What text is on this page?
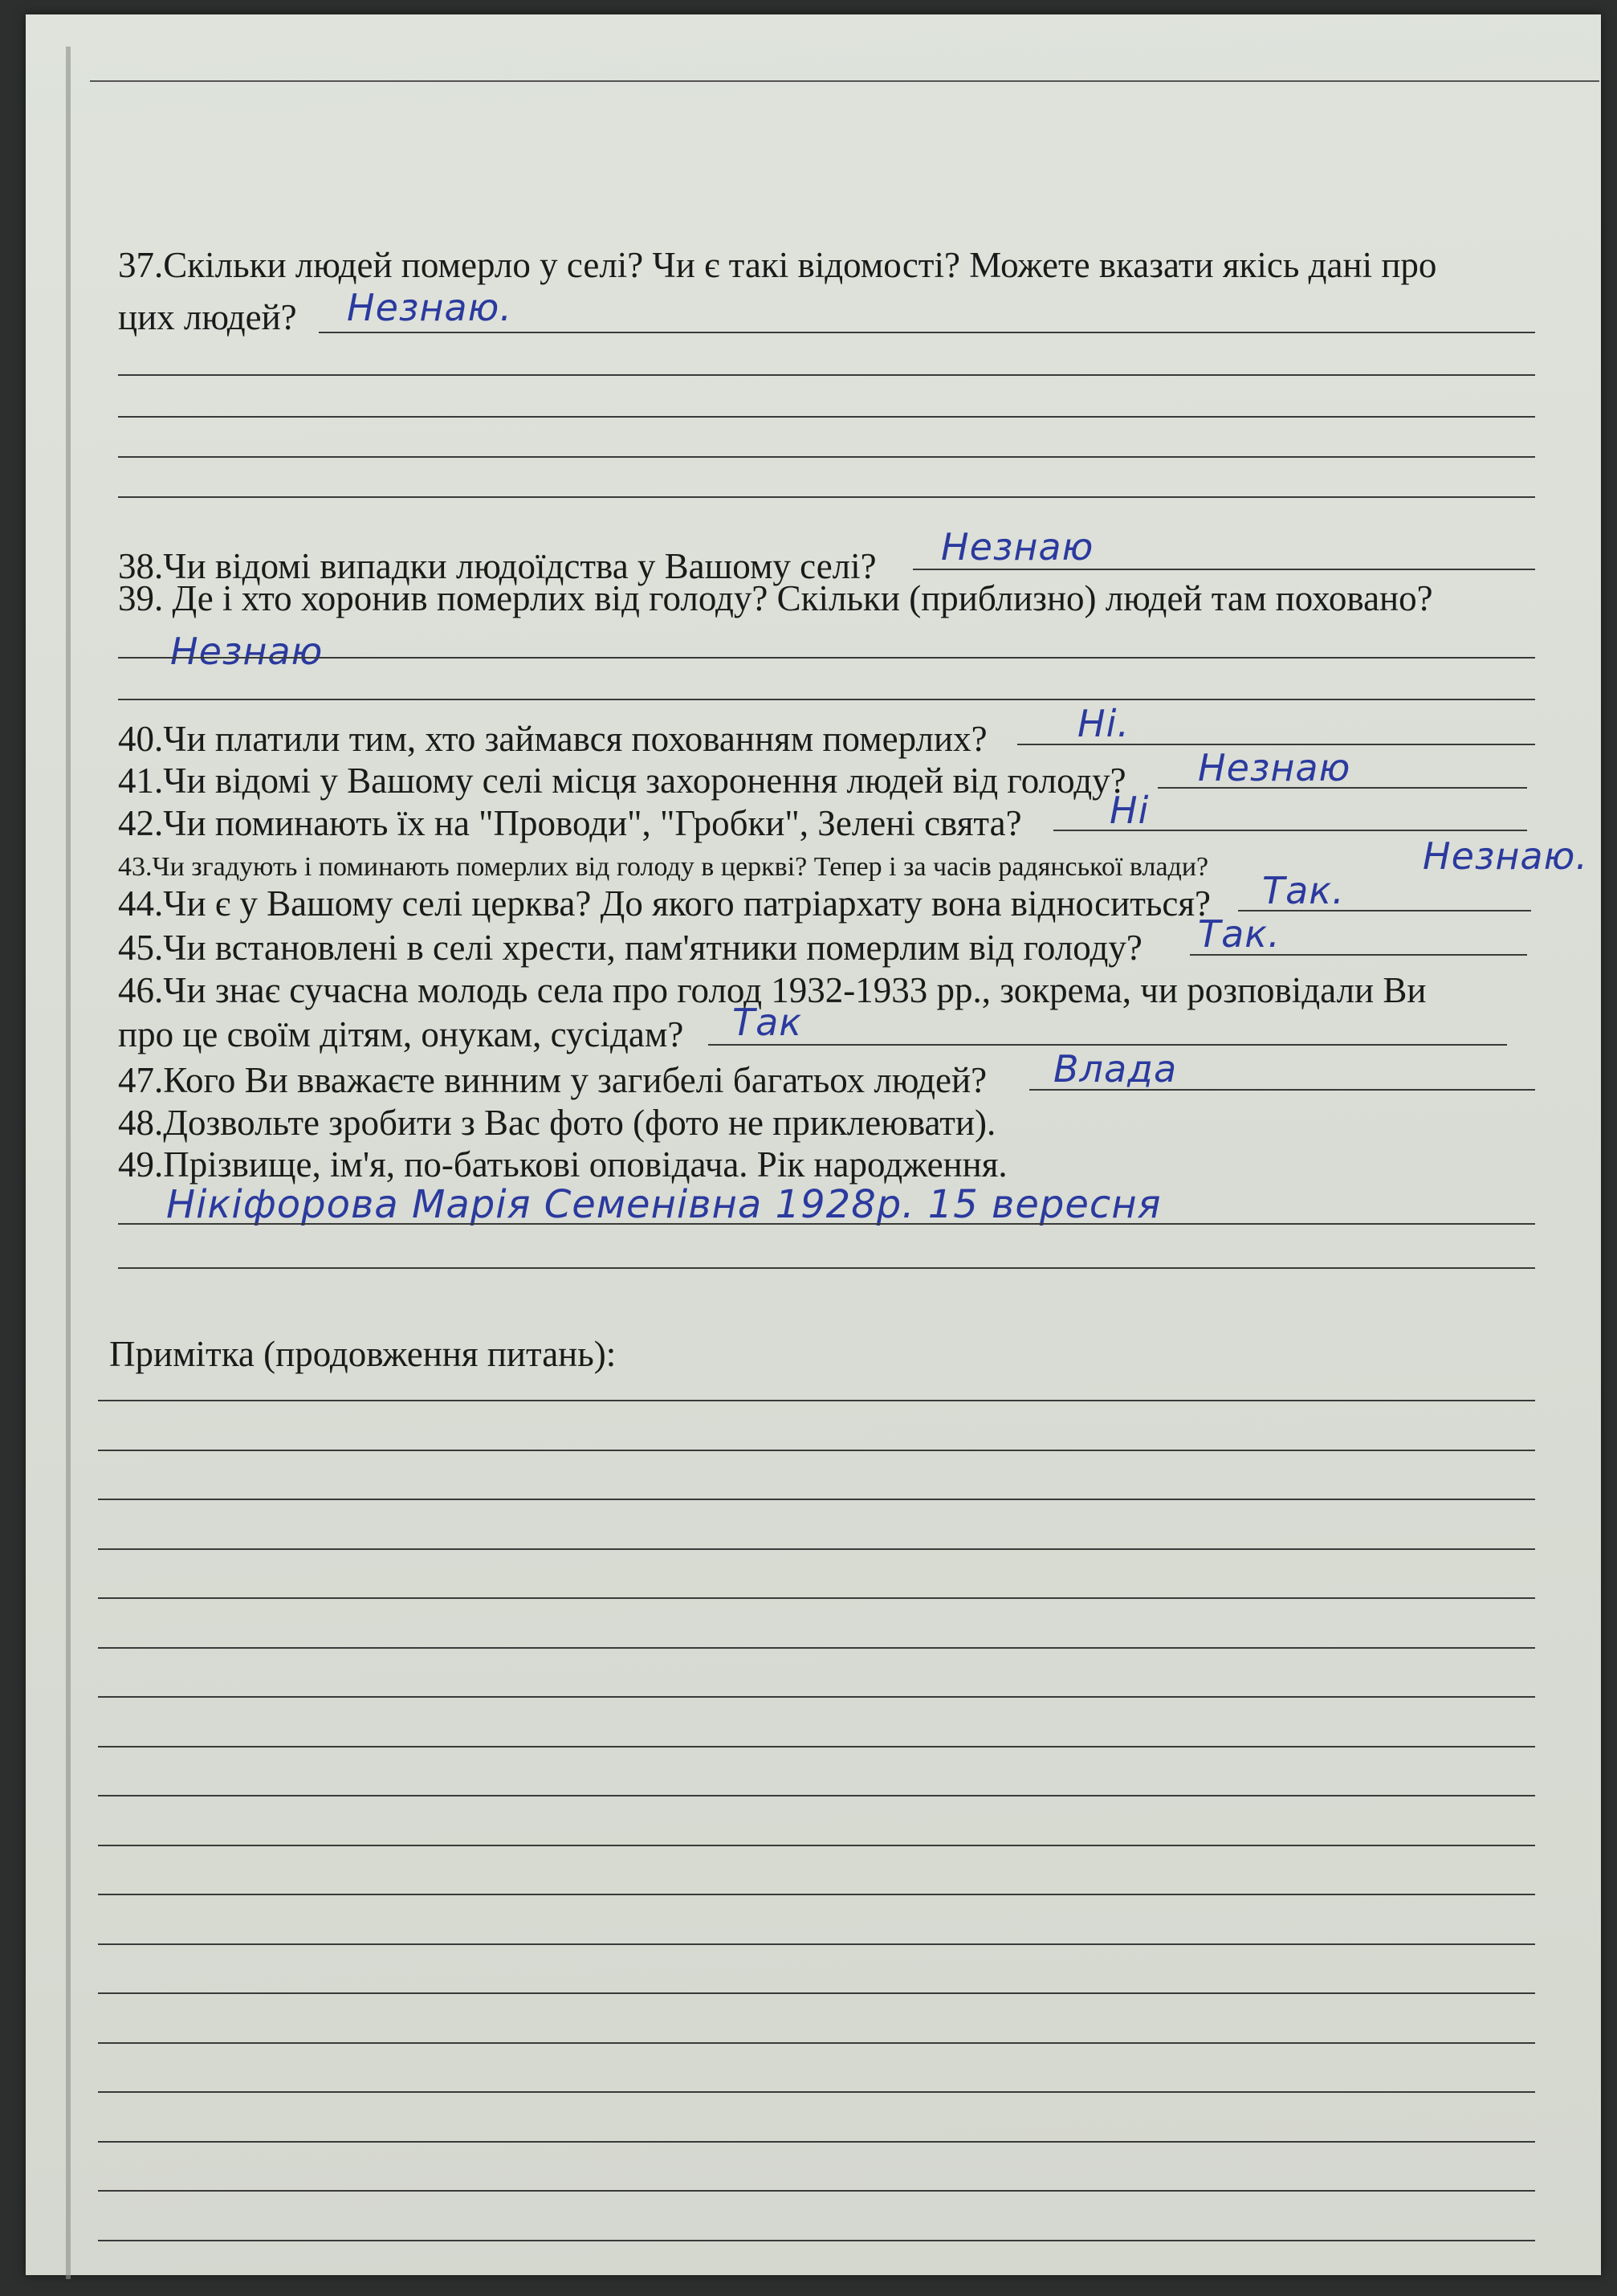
37.Скільки людей померло у селі? Чи є такі відомості? Можете вказати якісь дані про
цих людей? Незнаю.
38.Чи відомі випадки людоїдства у Вашому селі? Незнаю
39. Де і хто хоронив померлих від голоду? Скільки (приблизно) людей там поховано?
Незнаю
40.Чи платили тим, хто займався похованням померлих? Ні.
41.Чи відомі у Вашому селі місця захоронення людей від голоду? Незнаю
42.Чи поминають їх на "Проводи", "Гробки", Зелені свята? Ні
43.Чи згадують і поминають померлих від голоду в церкві? Тепер і за часів радянської влади?	Незнаю.
44.Чи є у Вашому селі церква? До якого патріархату вона відноситься? Так.
45.Чи встановлені в селі хрести, пам'ятники померлим від голоду? Так.
46.Чи знає сучасна молодь села про голод 1932-1933 рр., зокрема, чи розповідали Ви
про це своїм дітям, онукам, сусідам? Так
47.Кого Ви вважаєте винним у загибелі багатьох людей? Влада
48.Дозвольте зробити з Вас фото (фото не приклеювати).
49.Прізвище, ім'я, по-батькові оповідача. Рік народження.
Нікіфорова Марія Семенівна 1928р. 15 вересня
Примітка (продовження питань):
